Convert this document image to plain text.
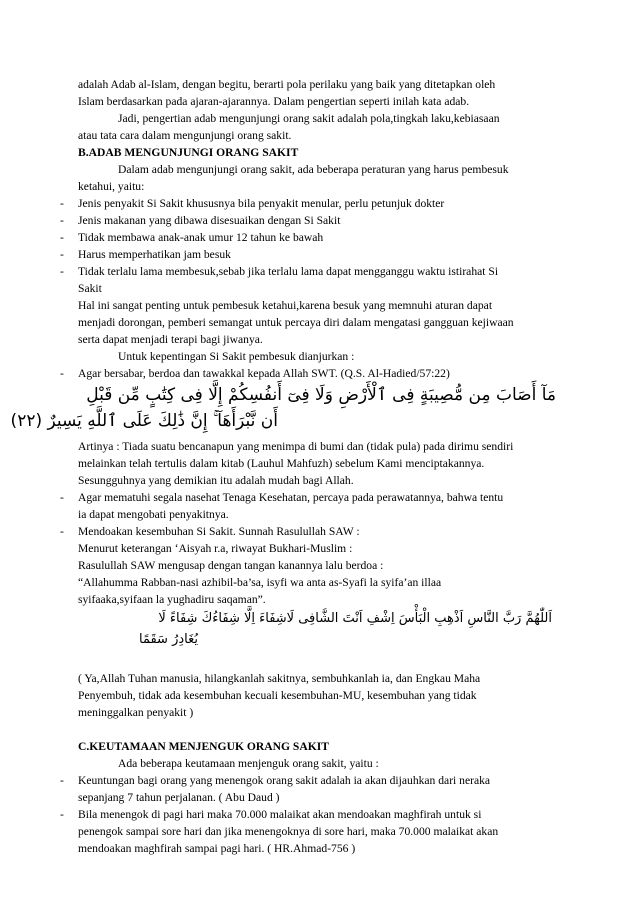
adalah Adab al-Islam, dengan begitu, berarti pola perilaku yang baik yang ditetapkan oleh
Islam berdasarkan pada ajaran-ajarannya. Dalam pengertian seperti inilah kata adab.
Jadi, pengertian adab mengunjungi orang sakit adalah pola,tingkah laku,kebiasaan
atau tata cara dalam mengunjungi orang sakit.
B.ADAB MENGUNJUNGI ORANG SAKIT
Dalam adab mengunjungi orang sakit, ada beberapa peraturan yang harus pembesuk
ketahui, yaitu:
- Jenis penyakit Si Sakit khususnya bila penyakit menular, perlu petunjuk dokter
- Jenis makanan yang dibawa disesuaikan dengan Si Sakit
- Tidak membawa anak-anak umur 12 tahun ke bawah
- Harus memperhatikan jam besuk
- Tidak terlalu lama membesuk,sebab jika terlalu lama dapat mengganggu waktu istirahat Si
Sakit
Hal ini sangat penting untuk pembesuk ketahui,karena besuk yang memnuhi aturan dapat
menjadi dorongan, pemberi semangat untuk percaya diri dalam mengatasi gangguan kejiwaan
serta dapat menjadi terapi bagi jiwanya.
Untuk kepentingan Si Sakit pembesuk dianjurkan :
- Agar bersabar, berdoa dan tawakkal kepada Allah SWT. (Q.S. Al-Hadied/57:22)
مَآ أَصَابَ مِن مُّصِيبَةٍ فِى ٱلْأَرْضِ وَلَا فِىٓ أَنفُسِكُمْ إِلَّا فِى كِتَٰبٍ مِّن قَبْلِ
أَن نَّبْرَأَهَآ ۚ إِنَّ ذَٰلِكَ عَلَى ٱللَّهِ يَسِيرٌ (٢٢)
Artinya : Tiada suatu bencanapun yang menimpa di bumi dan (tidak pula) pada dirimu sendiri
melainkan telah tertulis dalam kitab (Lauhul Mahfuzh) sebelum Kami menciptakannya.
Sesungguhnya yang demikian itu adalah mudah bagi Allah.
- Agar mematuhi segala nasehat Tenaga Kesehatan, percaya pada perawatannya, bahwa tentu
ia dapat mengobati penyakitnya.
- Mendoakan kesembuhan Si Sakit. Sunnah Rasulullah SAW :
Menurut keterangan ‘Aisyah r.a, riwayat Bukhari-Muslim :
Rasulullah SAW mengusap dengan tangan kanannya lalu berdoa :
“Allahumma Rabban-nasi azhibil-ba’sa, isyfi wa anta as-Syafi la syifa’an illaa
syifaaka,syifaan la yughadiru saqaman”.
اَللّٰهُمَّ رَبَّ النَّاسِ اَذْهِبِ الْبَأْسَ اِشْفِ اَنْتَ الشَّافِى لَاشِفَاءَ اِلَّا شِفَاءُكَ شِفَاءً لَا
يُغَادِرُ سَقَمًا
( Ya,Allah Tuhan manusia, hilangkanlah sakitnya, sembuhkanlah ia, dan Engkau Maha
Penyembuh, tidak ada kesembuhan kecuali kesembuhan-MU, kesembuhan yang tidak
meninggalkan penyakit )
C.KEUTAMAAN MENJENGUK ORANG SAKIT
Ada beberapa keutamaan menjenguk orang sakit, yaitu :
- Keuntungan bagi orang yang menengok orang sakit adalah ia akan dijauhkan dari neraka
sepanjang 7 tahun perjalanan. ( Abu Daud )
- Bila menengok di pagi hari maka 70.000 malaikat akan mendoakan maghfirah untuk si
penengok sampai sore hari dan jika menengoknya di sore hari, maka 70.000 malaikat akan
mendoakan maghfirah sampai pagi hari. ( HR.Ahmad-756 )
